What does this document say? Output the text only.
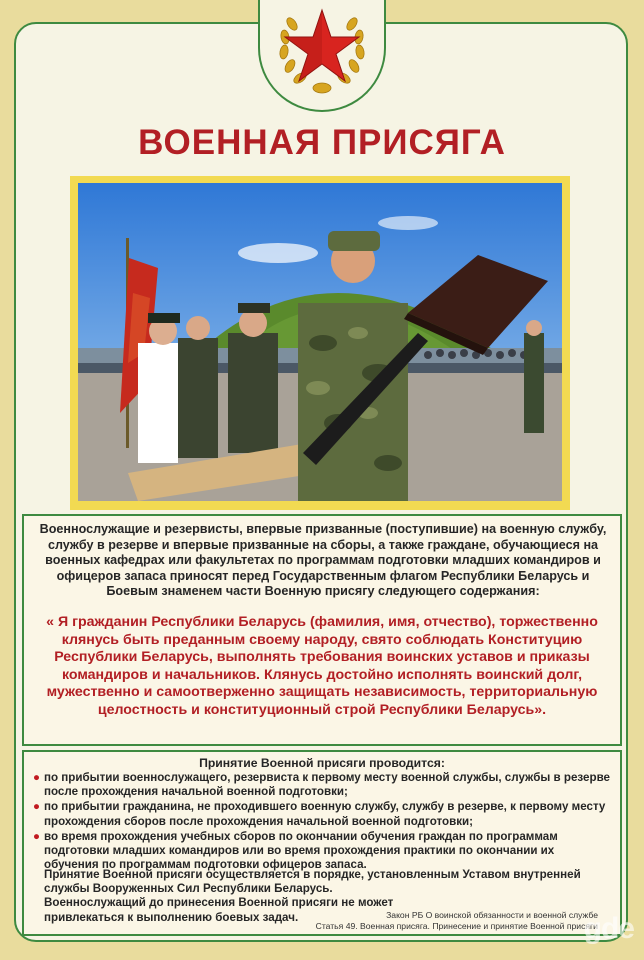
ВОЕННАЯ ПРИСЯГА
Военнослужащие и резервисты, впервые призванные (поступившие) на военную службу, службу в резерве и впервые призванные на сборы, а также граждане, обучающиеся на военных кафедрах или факультетах по программам подготовки младших командиров и офицеров запаса приносят перед Государственным флагом Республики Беларусь и Боевым знаменем части Военную присягу следующего содержания:
« Я гражданин Республики Беларусь (фамилия, имя, отчество), торжественно клянусь быть преданным своему народу, свято соблюдать Конституцию Республики Беларусь, выполнять требования воинских уставов и приказы командиров и начальников. Клянусь достойно исполнять воинский долг, мужественно и самоотверженно защищать независимость, территориальную целостность и конституционный строй Республики Беларусь».
Принятие Военной присяги проводится:
● по прибытии военнослужащего, резервиста к первому месту военной службы, службы в резерве после прохождения начальной военной подготовки;
● по прибытии гражданина, не проходившего военную службу, службу в резерве, к первому месту прохождения сборов после прохождения начальной военной подготовки;
● во время прохождения учебных сборов по окончании обучения граждан по программам подготовки младших командиров или во время прохождения практики по окончании их обучения по программам подготовки офицеров запаса.
Принятие Военной присяги осуществляется в порядке, установленным Уставом внутренней службы Вооруженных Сил Республики Беларусь.
Военнослужащий до принесения Военной присяги не может привлекаться к выполнению боевых задач.	Закон РБ О воинской обязанности и военной службе
Статья 49. Военная присяга. Принесение и принятие Военной присяги
gde
